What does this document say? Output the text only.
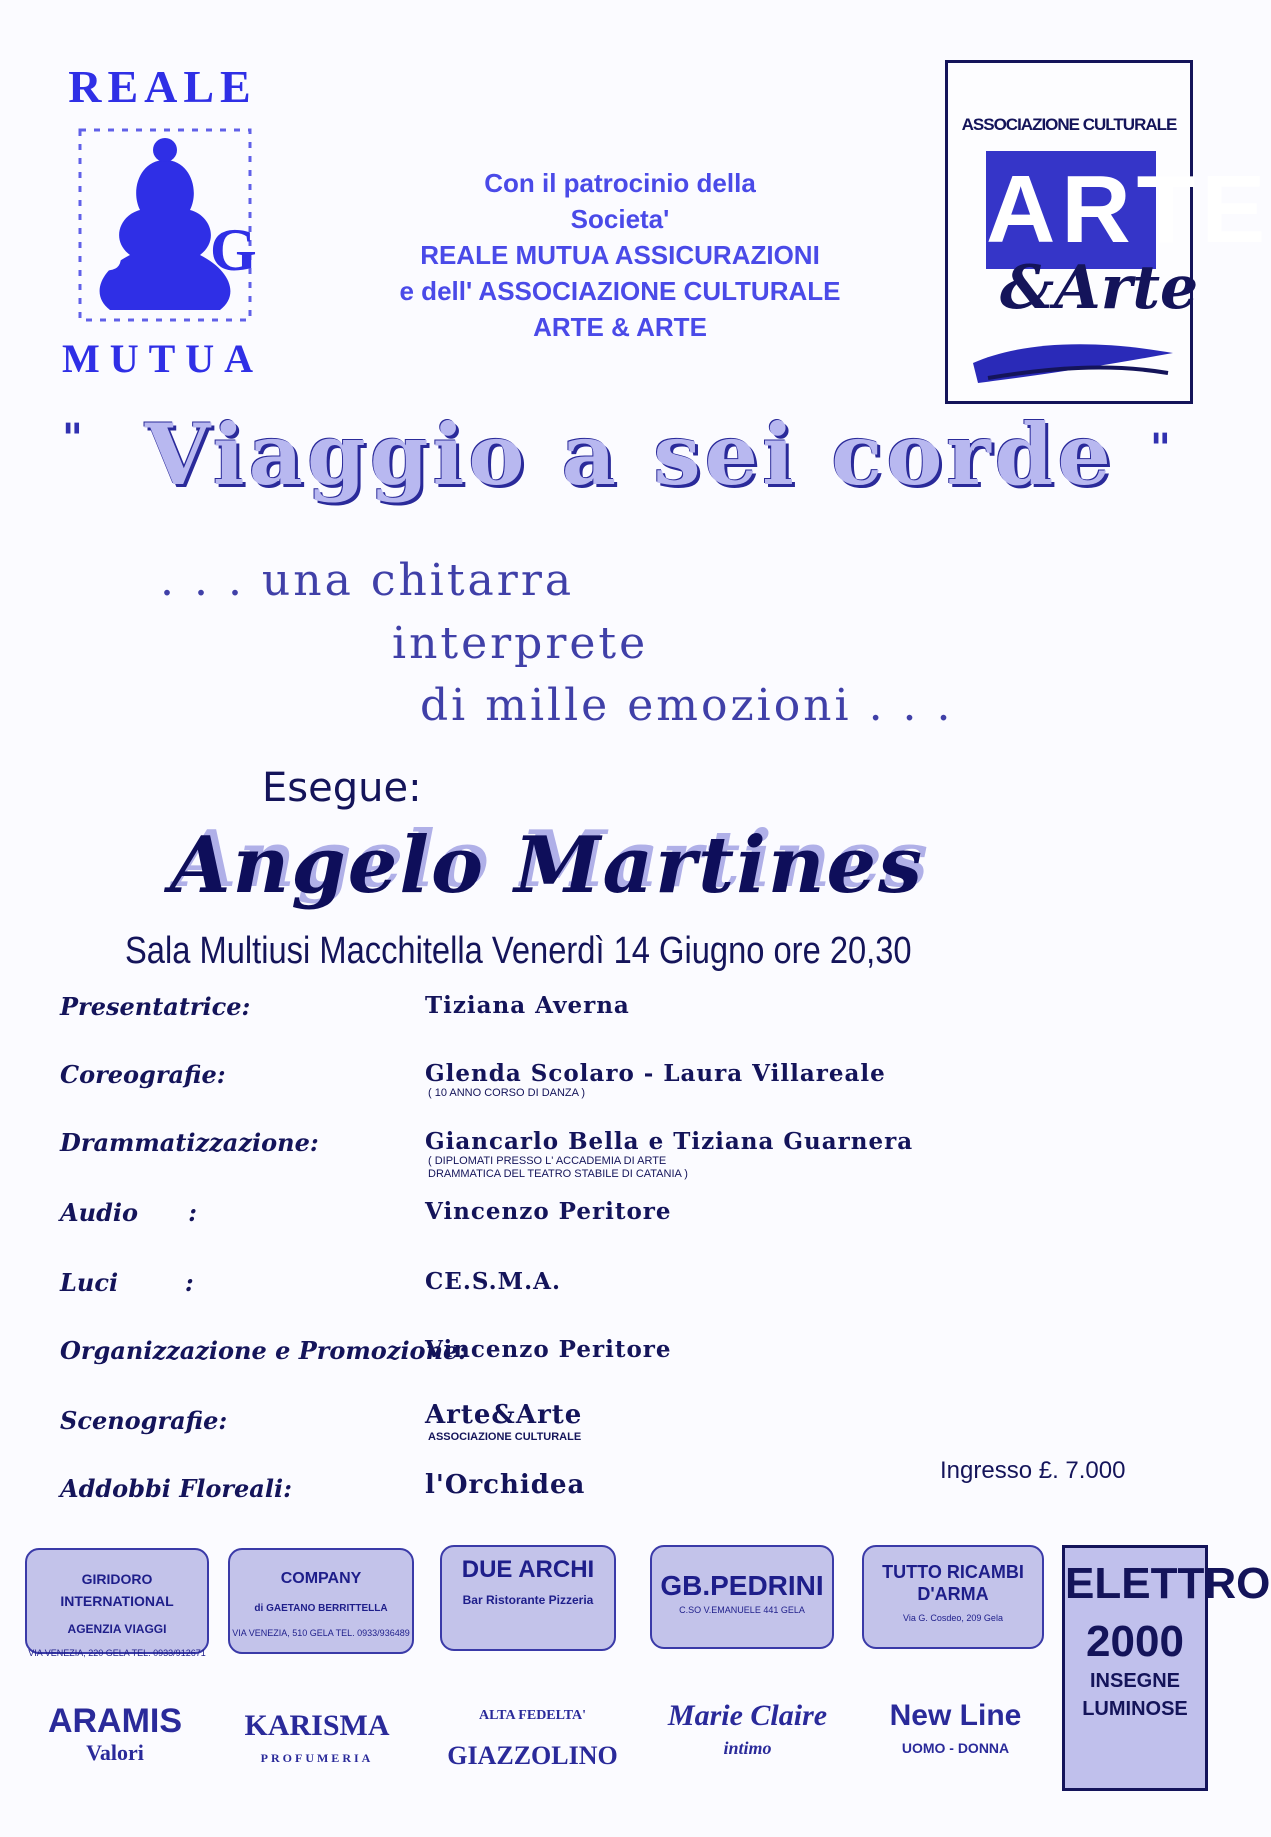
REALE
S G
MUTUA
Con il patrocinio della
Societa'
REALE MUTUA ASSICURAZIONI
e dell' ASSOCIAZIONE CULTURALE
ARTE & ARTE
ASSOCIAZIONE CULTURALE
ARTE
&Arte
" Viaggio a sei corde "
. . . una chitarra
interprete
di mille emozioni . . .
Esegue:
Angelo Martines
Sala Multiusi Macchitella Venerdì 14 Giugno ore 20,30
Presentatrice:	Tiziana Averna
Coreografie:	Glenda Scolaro - Laura Villareale
( 10 ANNO CORSO DI DANZA )
Drammatizzazione:	Giancarlo Bella e Tiziana Guarnera
( DIPLOMATI PRESSO L' ACCADEMIA DI ARTE
DRAMMATICA DEL TEATRO STABILE DI CATANIA )
Audio      :	Vincenzo Peritore
Luci        :	CE.S.M.A.
Organizzazione e Promozione:
Vincenzo Peritore
Scenografie:	Arte&Arte
ASSOCIAZIONE CULTURALE
Addobbi Floreali:	l'Orchidea	Ingresso £. 7.000
GIRIDORO INTERNATIONAL
AGENZIA VIAGGI
VIA VENEZIA, 220 GELA TEL. 0933/912671
COMPANY
di GAETANO BERRITTELLA
VIA VENEZIA, 510 GELA TEL. 0933/936489
DUE ARCHI
Bar Ristorante Pizzeria	GB.PEDRINI
C.SO V.EMANUELE 441 GELA
TUTTO RICAMBI D'ARMA
Via G. Cosdeo, 209 Gela
ELETTRO
2000
INSEGNE
LUMINOSE
ARAMIS
Valori
KARISMA
PROFUMERIA
ALTA FEDELTA'
GIAZZOLINO
Marie Claire
intimo
New Line
UOMO - DONNA
